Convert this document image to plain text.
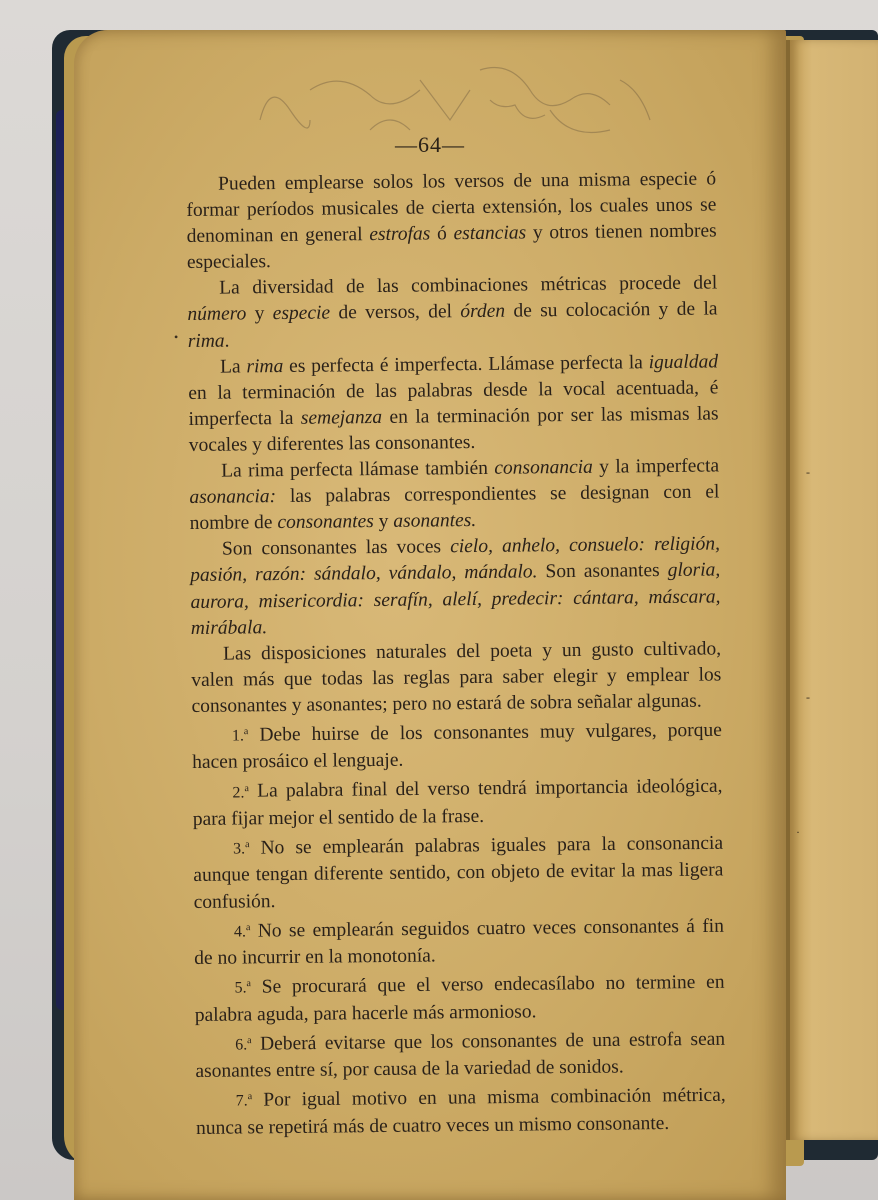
—64—

Pueden emplearse solos los versos de una misma especie ó formar períodos musicales de cierta extensión, los cuales unos se denominan en general estrofas ó estancias y otros tienen nombres especiales.

La diversidad de las combinaciones métricas procede del número y especie de versos, del órden de su colocación y de la rima.

La rima es perfecta é imperfecta. Llámase perfecta la igualdad en la terminación de las palabras desde la vocal acentuada, é imperfecta la semejanza en la terminación por ser las mismas las vocales y diferentes las consonantes.

La rima perfecta llámase también consonancia y la imperfecta asonancia: las palabras correspondientes se designan con el nombre de consonantes y asonantes.

Son consonantes las voces cielo, anhelo, consuelo: religión, pasión, razón: sándalo, vándalo, mándalo. Son asonantes gloria, aurora, misericordia: serafín, alelí, predecir: cántara, máscara, mirábala.

Las disposiciones naturales del poeta y un gusto cultivado, valen más que todas las reglas para saber elegir y emplear los consonantes y asonantes; pero no estará de sobra señalar algunas.

1.$^a$ Debe huirse de los consonantes muy vulgares, porque hacen prosáico el lenguaje.

2.$^a$ La palabra final del verso tendrá importancia ideológica, para fijar mejor el sentido de la frase.

3.$^a$ No se emplearán palabras iguales para la consonancia aunque tengan diferente sentido, con objeto de evitar la mas ligera confusión.

4.$^a$ No se emplearán seguidos cuatro veces consonantes á fin de no incurrir en la monotonía.

5.$^a$ Se procurará que el verso endecasílabo no termine en palabra aguda, para hacerle más armonioso.

6.$^a$ Deberá evitarse que los consonantes de una estrofa sean asonantes entre sí, por causa de la variedad de sonidos.

7.$^a$ Por igual motivo en una misma combinación métrica, nunca se repetirá más de cuatro veces un mismo consonante.

•
-
-
·
